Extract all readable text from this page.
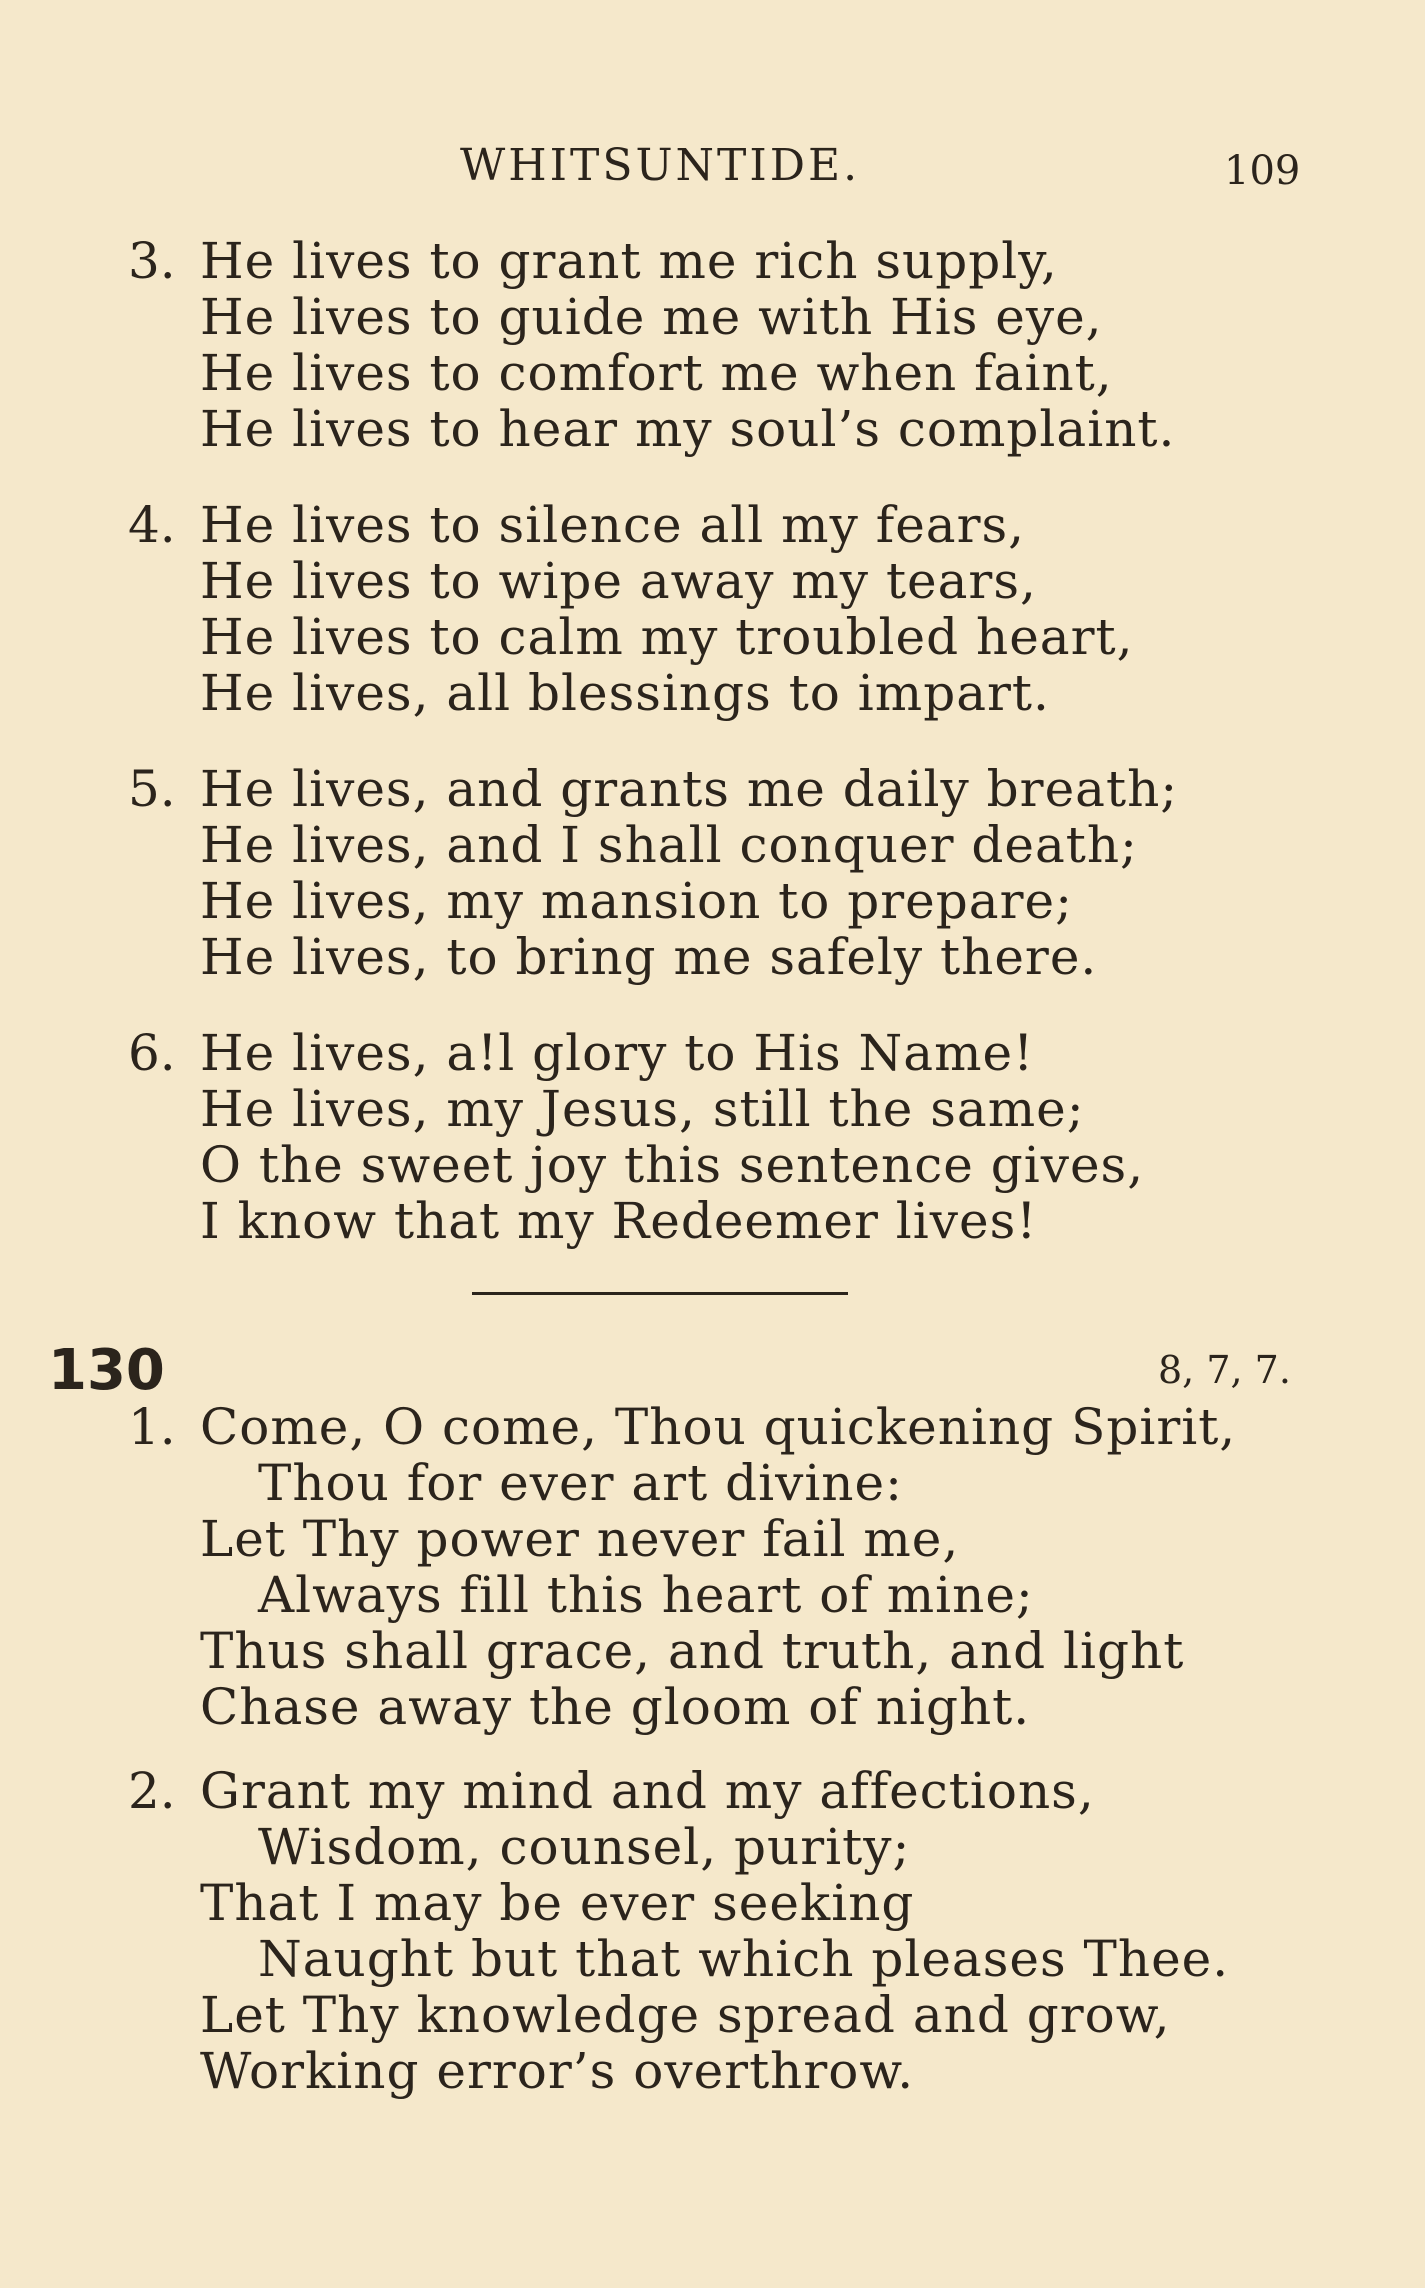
WHITSUNTIDE.	109
3. He lives to grant me rich supply,
He lives to guide me with His eye,
He lives to comfort me when faint,
He lives to hear my soul’s complaint.
4. He lives to silence all my fears,
He lives to wipe away my tears,
He lives to calm my troubled heart,
He lives, all blessings to impart.
5. He lives, and grants me daily breath;
He lives, and I shall conquer death;
He lives, my mansion to prepare;
He lives, to bring me safely there.
6. He lives, a!l glory to His Name!
He lives, my Jesus, still the same;
O the sweet joy this sentence gives,
I know that my Redeemer lives!
130	8, 7, 7.
1. Come, O come, Thou quickening Spirit,
Thou for ever art divine:
Let Thy power never fail me,
Always fill this heart of mine;
Thus shall grace, and truth, and light
Chase away the gloom of night.
2. Grant my mind and my affections,
Wisdom, counsel, purity;
That I may be ever seeking
Naught but that which pleases Thee.
Let Thy knowledge spread and grow,
Working error’s overthrow.
